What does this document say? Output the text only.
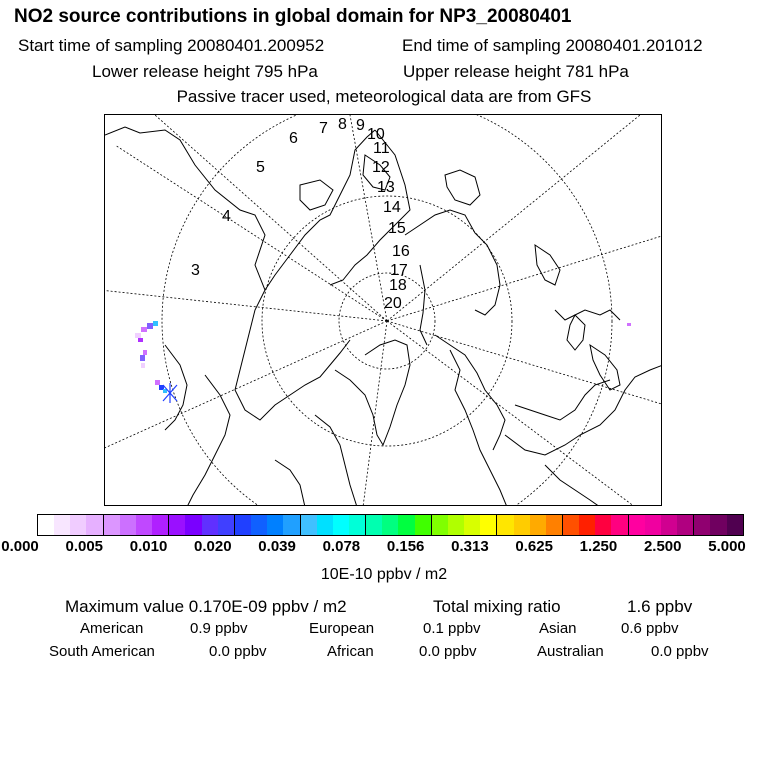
NO2 source contributions in global domain for NP3_20080401
Start time of sampling 20080401.200952	End time of sampling 20080401.201012
Lower release height 795 hPa	Upper release height 781 hPa
Passive tracer used, meteorological data are from GFS
3
4
5
6
7 8 9
10
11
12
13
14
15
16
17
18
20
0.000 0.005 0.010 0.020 0.039 0.078 0.156 0.313 0.625 1.250 2.500 5.000
10E-10 ppbv / m2
Maximum value 0.170E-09 ppbv / m2	Total mixing ratio	1.6 ppbv
American	0.9 ppbv	European	0.1 ppbv	Asian	0.6 ppbv
South American	0.0 ppbv	African	0.0 ppbv	Australian	0.0 ppbv
